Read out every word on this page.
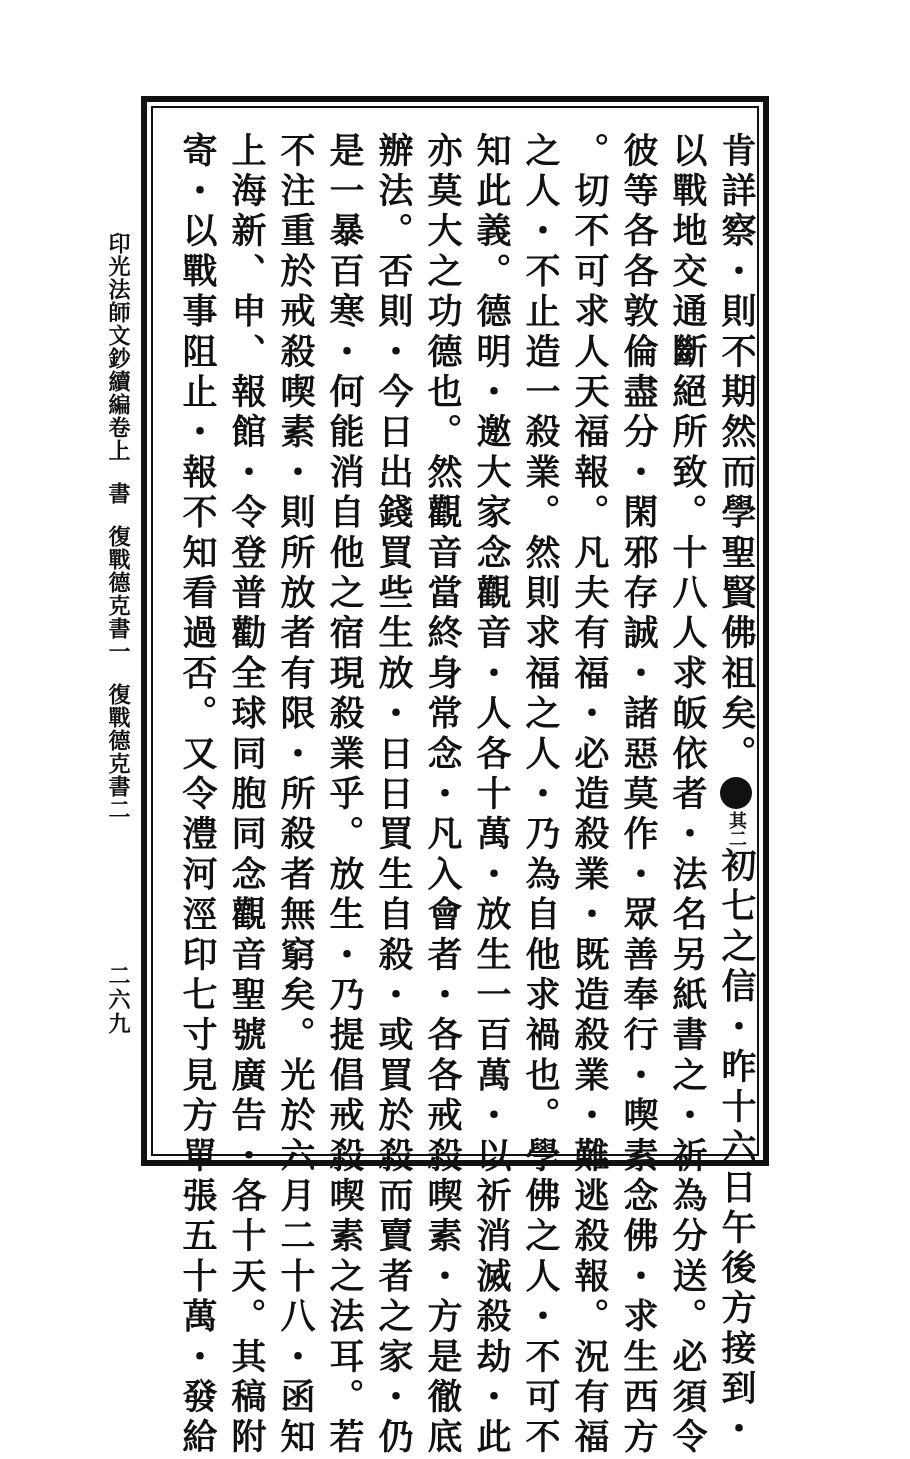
印光法師文鈔續編卷上書復戰德克書一復戰德克書二	肯詳察・則不期然而學聖賢佛祖矣。其二初七之信・昨十六日午後方接到・
以戰地交通斷絕所致。十八人求皈依者・法名另紙書之・祈為分送。必須令
彼等各各敦倫盡分・閑邪存誠・諸惡莫作・眾善奉行・喫素念佛・求生西方
。切不可求人天福報。凡夫有福・必造殺業・既造殺業・難逃殺報。況有福
之人・不止造一殺業。然則求福之人・乃為自他求禍也。學佛之人・不可不
知此義。德明・邀大家念觀音・人各十萬・放生一百萬・以祈消滅殺劫・此
亦莫大之功德也。然觀音當終身常念・凡入會者・各各戒殺喫素・方是徹底
辦法。否則・今日出錢買些生放・日日買生自殺・或買於殺而賣者之家・仍
是一暴百寒・何能消自他之宿現殺業乎。放生・乃提倡戒殺喫素之法耳。若
不注重於戒殺喫素・則所放者有限・所殺者無窮矣。光於六月二十八・函知
上海新、申、報館・令登普勸全球同胞同念觀音聖號廣告・各十天。其稿附
寄・以戰事阻止・報不知看過否。又令澧河涇印七寸見方單張五十萬・發給
二六九
